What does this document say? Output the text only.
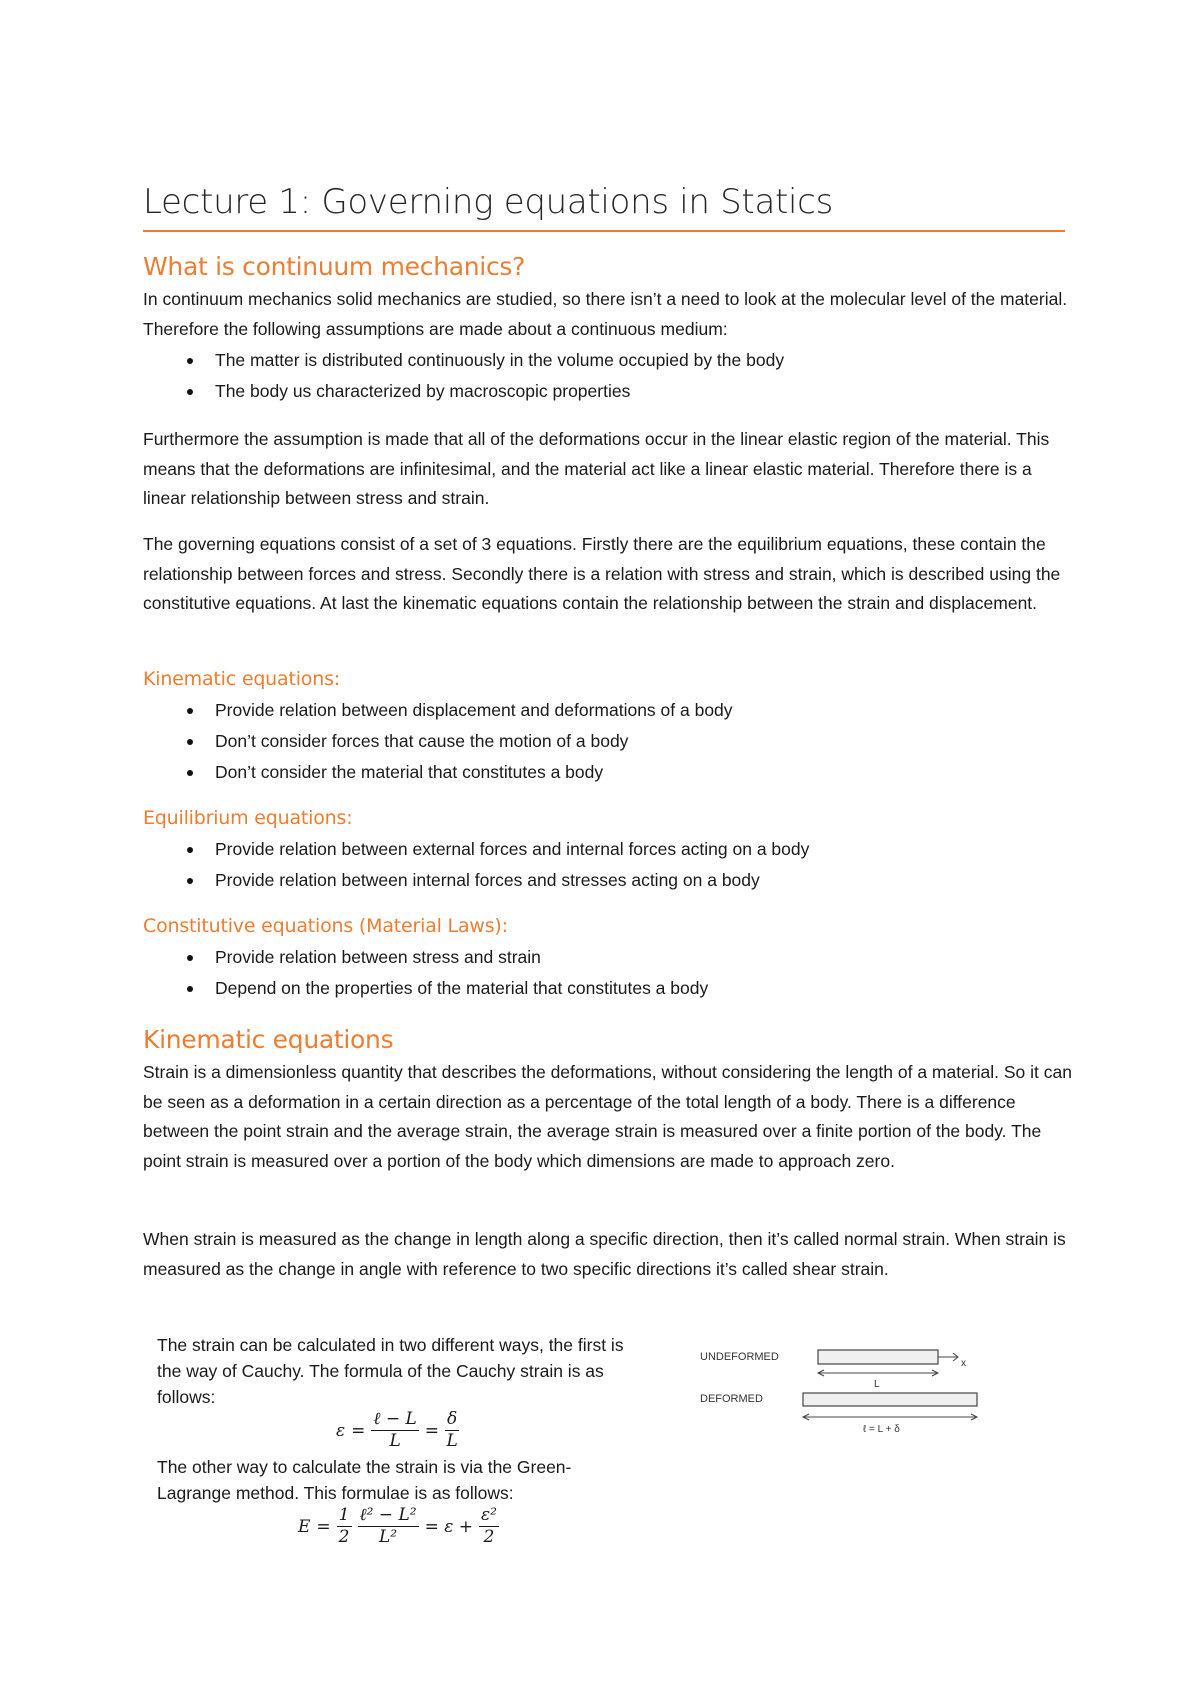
Lecture 1: Governing equations in Statics
What is continuum mechanics?

In continuum mechanics solid mechanics are studied, so there isn’t a need to look at the molecular level of the material. Therefore the following assumptions are made about a continuous medium:

The matter is distributed continuously in the volume occupied by the body
The body us characterized by macroscopic properties

Furthermore the assumption is made that all of the deformations occur in the linear elastic region of the material. This means that the deformations are infinitesimal, and the material act like a linear elastic material. Therefore there is a linear relationship between stress and strain.

The governing equations consist of a set of 3 equations. Firstly there are the equilibrium equations, these contain the relationship between forces and stress. Secondly there is a relation with stress and strain, which is described using the constitutive equations. At last the kinematic equations contain the relationship between the strain and displacement.

Kinematic equations:
Provide relation between displacement and deformations of a body
Don’t consider forces that cause the motion of a body
Don’t consider the material that constitutes a body
Equilibrium equations:
Provide relation between external forces and internal forces acting on a body
Provide relation between internal forces and stresses acting on a body
Constitutive equations (Material Laws):
Provide relation between stress and strain
Depend on the properties of the material that constitutes a body
Kinematic equations

Strain is a dimensionless quantity that describes the deformations, without considering the length of a material. So it can be seen as a deformation in a certain direction as a percentage of the total length of a body. There is a difference between the point strain and the average strain, the average strain is measured over a finite portion of the body. The point strain is measured over a portion of the body which dimensions are made to approach zero.

When strain is measured as the change in length along a specific direction, then it’s called normal strain. When strain is measured as the change in angle with reference to two specific directions it’s called shear strain.

The strain can be calculated in two different ways, the first is the way of Cauchy. The formula of the Cauchy strain is as follows:

$\varepsilon = \frac{\text{ℓ − L}}{L} = \frac{\delta}{L}$

The other way to calculate the strain is via the Green-Lagrange method. This formulae is as follows:

$E = \frac{1}{2} \frac{\text{ℓ² − L²}}{\text{L²}} = \varepsilon + \frac{\text{ε²}}{2}$
UNDEFORMED
x
L
DEFORMED
ℓ = L + δ
